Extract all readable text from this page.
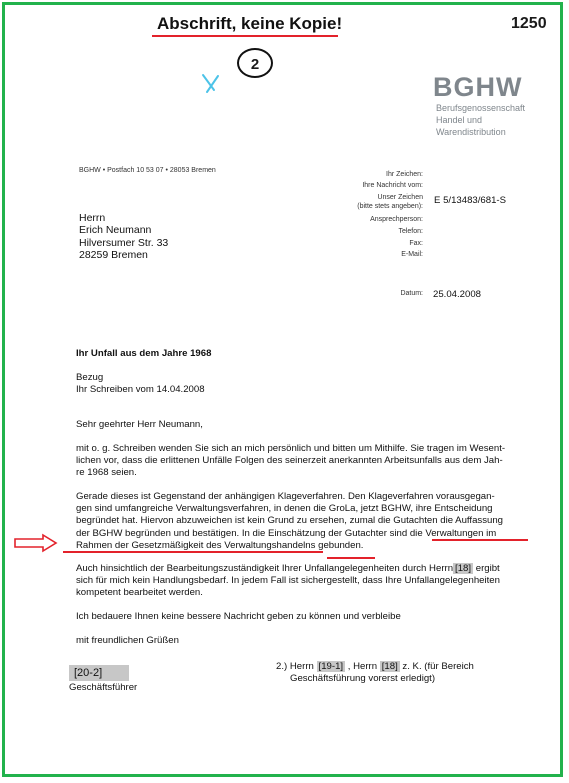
Abschrift, keine Kopie!	1250
2
BGHW
Berufsgenossenschaft
Handel und
Warendistribution
BGHW • Postfach 10 53 07 • 28053 Bremen
Ihr Zeichen:
Ihre Nachricht vom:
Unser Zeichen
(bitte stets angeben):
E 5/13483/681-S
Ansprechperson:
Telefon:
Fax:
E-Mail:
Datum: 25.04.2008
Herrn
Erich Neumann
Hilversumer Str. 33
28259 Bremen
Ihr Unfall aus dem Jahre 1968
Bezug
Ihr Schreiben vom 14.04.2008
Sehr geehrter Herr Neumann,
mit o. g. Schreiben wenden Sie sich an mich persönlich und bitten um Mithilfe. Sie tragen im Wesent-
lichen vor, dass die erlittenen Unfälle Folgen des seinerzeit anerkannten Arbeitsunfalls aus dem Jah-
re 1968 seien.
Gerade dieses ist Gegenstand der anhängigen Klageverfahren. Den Klageverfahren vorausgegan-
gen sind umfangreiche Verwaltungsverfahren, in denen die GroLa, jetzt BGHW, ihre Entscheidung
begründet hat. Hiervon abzuweichen ist kein Grund zu ersehen, zumal die Gutachten die Auffassung
der BGHW begründen und bestätigen. In die Einschätzung der Gutachter sind die Verwaltungen im
Rahmen der Gesetzmäßigkeit des Verwaltungshandelns gebunden.
Auch hinsichtlich der Bearbeitungszuständigkeit Ihrer Unfallangelegenheiten durch Herrn [18] ergibt
sich für mich kein Handlungsbedarf. In jedem Fall ist sichergestellt, dass Ihre Unfallangelegenheiten
kompetent bearbeitet werden.
Ich bedauere Ihnen keine bessere Nachricht geben zu können und verbleibe
mit freundlichen Grüßen
[20-2]
Geschäftsführer
2.) Herrn [19-1] , Herrn [18] z. K. (für Bereich
Geschäftsführung vorerst erledigt)
